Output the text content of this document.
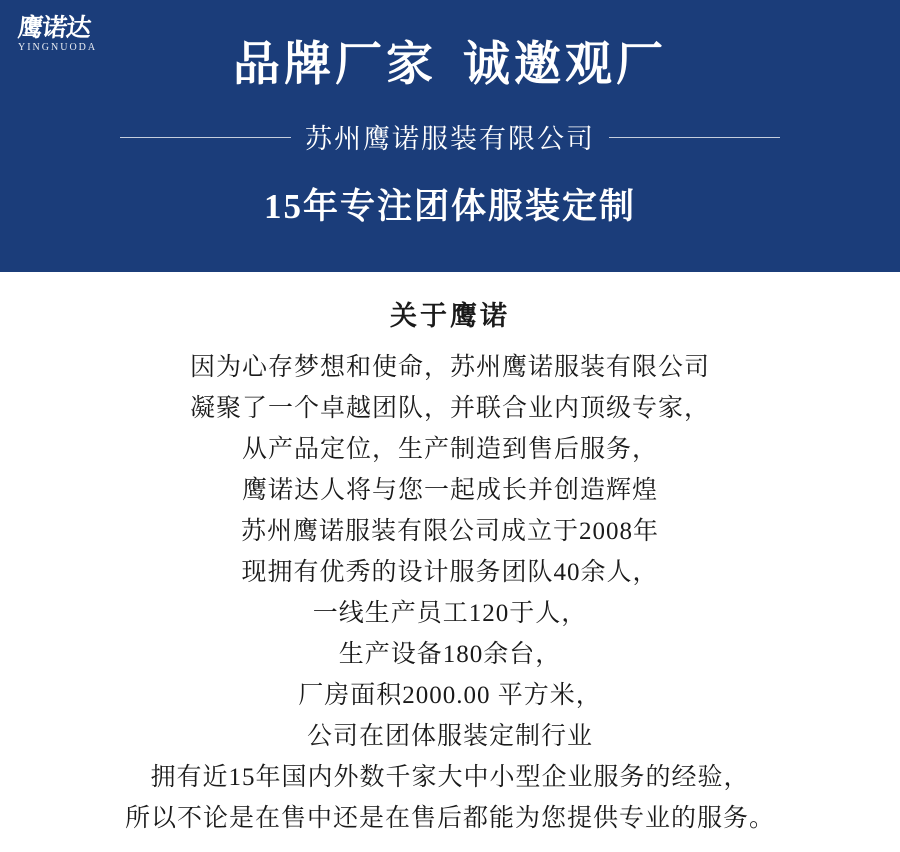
鹰诺达
YINGNUODA	品牌厂家 诚邀观厂
苏州鹰诺服装有限公司
15年专注团体服装定制
关于鹰诺
因为心存梦想和使命，苏州鹰诺服装有限公司
凝聚了一个卓越团队，并联合业内顶级专家，
从产品定位，生产制造到售后服务，
鹰诺达人将与您一起成长并创造辉煌
苏州鹰诺服装有限公司成立于2008年
现拥有优秀的设计服务团队40余人，
一线生产员工120于人，
生产设备180余台，
厂房面积2000.00 平方米，
公司在团体服装定制行业
拥有近15年国内外数千家大中小型企业服务的经验，
所以不论是在售中还是在售后都能为您提供专业的服务。
